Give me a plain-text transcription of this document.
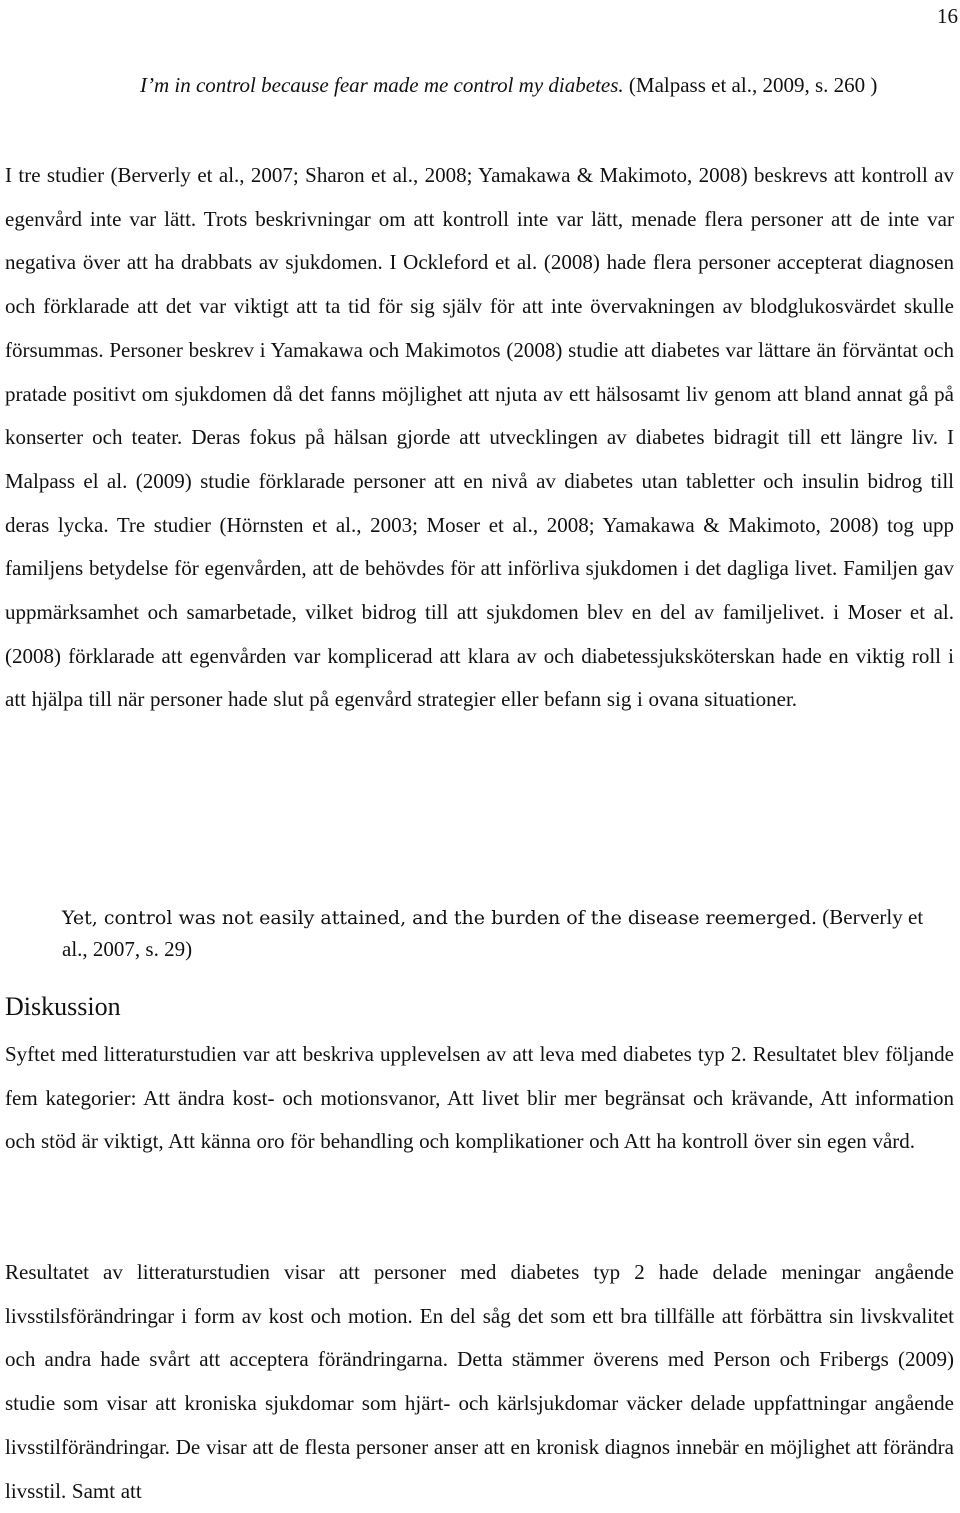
16

I’m in control because fear made me control my diabetes. (Malpass et al., 2009, s. 260 )

I tre studier (Berverly et al., 2007; Sharon et al., 2008; Yamakawa & Makimoto, 2008) beskrevs att kontroll av egenvård inte var lätt. Trots beskrivningar om att kontroll inte var lätt, menade flera personer att de inte var negativa över att ha drabbats av sjukdomen. I Ockleford et al. (2008) hade flera personer accepterat diagnosen och förklarade att det var viktigt att ta tid för sig själv för att inte övervakningen av blodglukosvärdet skulle försummas. Personer beskrev i Yamakawa och Makimotos (2008) studie att diabetes var lättare än förväntat och pratade positivt om sjukdomen då det fanns möjlighet att njuta av ett hälsosamt liv genom att bland annat gå på konserter och teater. Deras fokus på hälsan gjorde att utvecklingen av diabetes bidragit till ett längre liv. I Malpass el al. (2009) studie förklarade personer att en nivå av diabetes utan tabletter och insulin bidrog till deras lycka. Tre studier (Hörnsten et al., 2003; Moser et al., 2008; Yamakawa & Makimoto, 2008) tog upp familjens betydelse för egenvården, att de behövdes för att införliva sjukdomen i det dagliga livet. Familjen gav uppmärksamhet och samarbetade, vilket bidrog till att sjukdomen blev en del av familjelivet. i Moser et al. (2008) förklarade att egenvården var komplicerad att klara av och diabetessjuksköterskan hade en viktig roll i att hjälpa till när personer hade slut på egenvård strategier eller befann sig i ovana situationer.

Yet, control was not easily attained, and the burden of the disease reemerged. (Berverly et al., 2007, s. 29)

Diskussion

Syftet med litteraturstudien var att beskriva upplevelsen av att leva med diabetes typ 2. Resultatet blev följande fem kategorier: Att ändra kost- och motionsvanor, Att livet blir mer begränsat och krävande, Att information och stöd är viktigt, Att känna oro för behandling och komplikationer och Att ha kontroll över sin egen vård.

Resultatet av litteraturstudien visar att personer med diabetes typ 2 hade delade meningar angående livsstilsförändringar i form av kost och motion. En del såg det som ett bra tillfälle att förbättra sin livskvalitet och andra hade svårt att acceptera förändringarna. Detta stämmer överens med Person och Fribergs (2009) studie som visar att kroniska sjukdomar som hjärt- och kärlsjukdomar väcker delade uppfattningar angående livsstilförändringar. De visar att de flesta personer anser att en kronisk diagnos innebär en möjlighet att förändra livsstil. Samt att
